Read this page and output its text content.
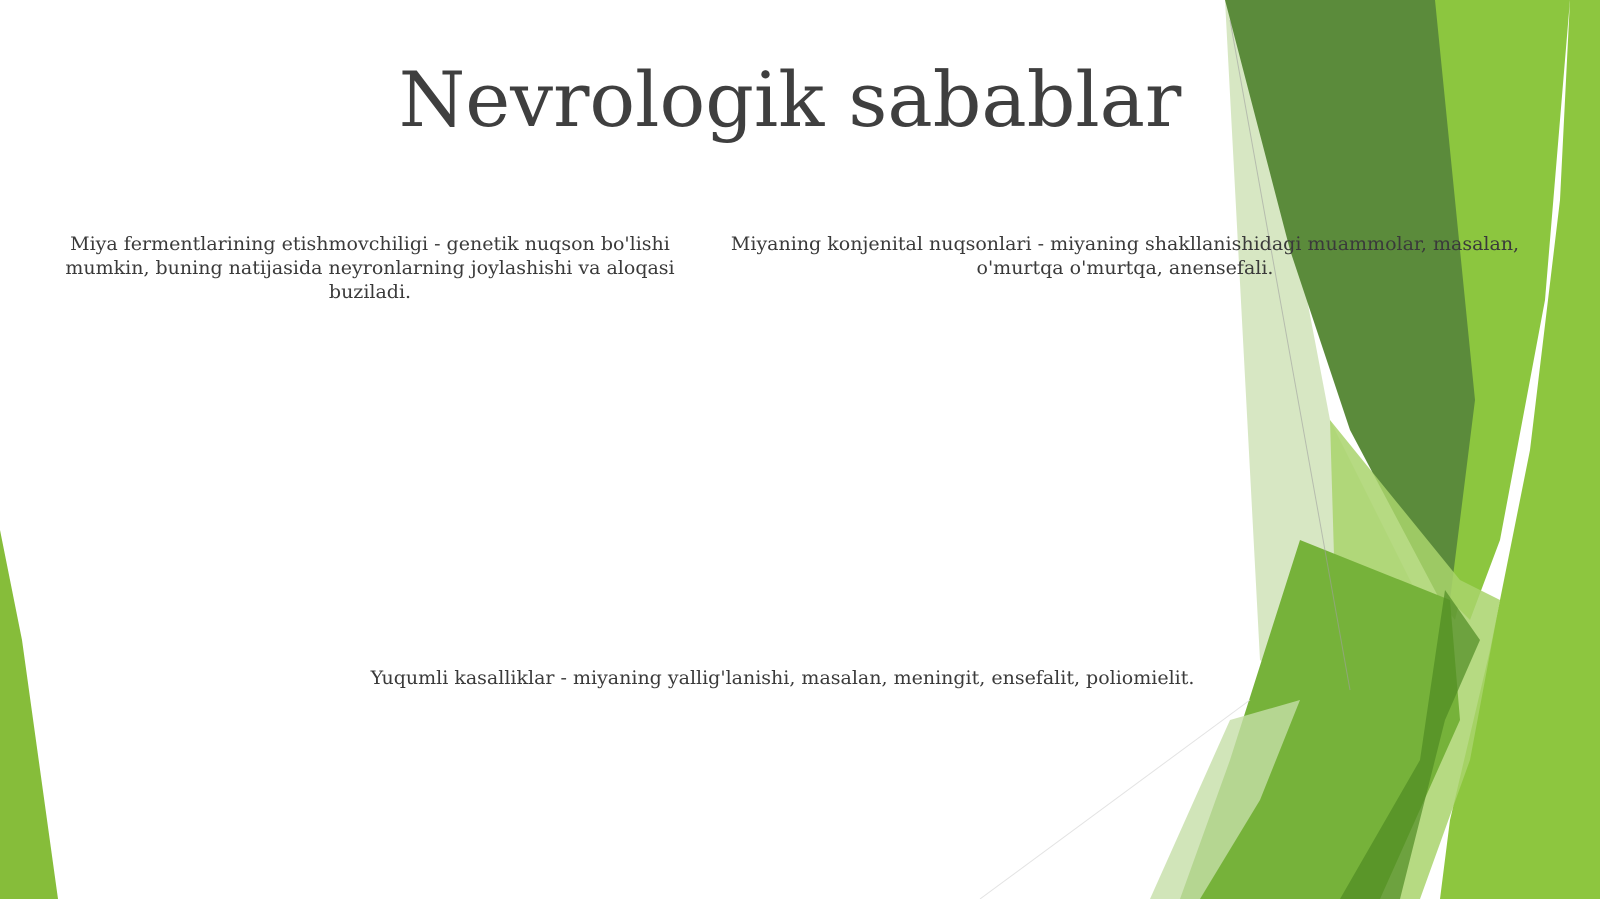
Nevrologik sabablar

Miya fermentlarining etishmovchiligi - genetik nuqson bo'lishi mumkin, buning natijasida neyronlarning joylashishi va aloqasi buziladi.

Miyaning konjenital nuqsonlari - miyaning shakllanishidagi muammolar, masalan, o'murtqa o'murtqa, anensefali.

Yuqumli kasalliklar - miyaning yallig'lanishi, masalan, meningit, ensefalit, poliomielit.
